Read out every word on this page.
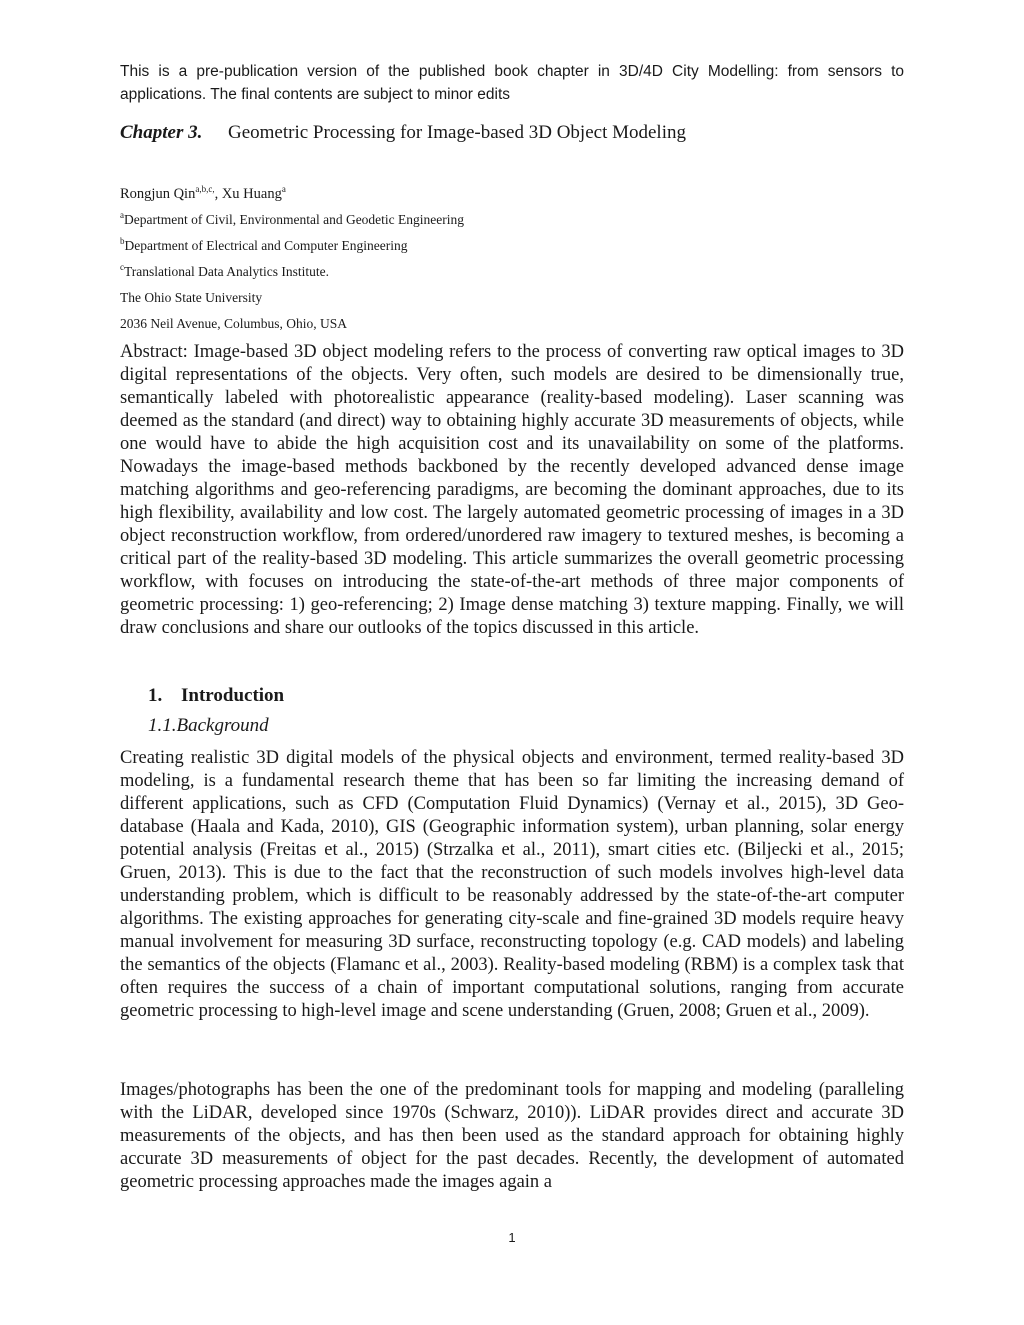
This is a pre-publication version of the published book chapter in 3D/4D City Modelling: from sensors to applications. The final contents are subject to minor edits
Chapter 3. Geometric Processing for Image-based 3D Object Modeling
Rongjun Qin$^{a,b,c,}$, Xu Huang$^a$
$^a$Department of Civil, Environmental and Geodetic Engineering
$^b$Department of Electrical and Computer Engineering
$^c$Translational Data Analytics Institute.
The Ohio State University
2036 Neil Avenue, Columbus, Ohio, USA

Abstract: Image-based 3D object modeling refers to the process of converting raw optical images to 3D digital representations of the objects. Very often, such models are desired to be dimensionally true, semantically labeled with photorealistic appearance (reality-based modeling). Laser scanning was deemed as the standard (and direct) way to obtaining highly accurate 3D measurements of objects, while one would have to abide the high acquisition cost and its unavailability on some of the platforms. Nowadays the image-based methods backboned by the recently developed advanced dense image matching algorithms and geo-referencing paradigms, are becoming the dominant approaches, due to its high flexibility, availability and low cost. The largely automated geometric processing of images in a 3D object reconstruction workflow, from ordered/unordered raw imagery to textured meshes, is becoming a critical part of the reality-based 3D modeling. This article summarizes the overall geometric processing workflow, with focuses on introducing the state-of-the-art methods of three major components of geometric processing: 1) geo-referencing; 2) Image dense matching 3) texture mapping. Finally, we will draw conclusions and share our outlooks of the topics discussed in this article.

1. Introduction
1.1.Background

Creating realistic 3D digital models of the physical objects and environment, termed reality-based 3D modeling, is a fundamental research theme that has been so far limiting the increasing demand of different applications, such as CFD (Computation Fluid Dynamics) (Vernay et al., 2015), 3D Geo-database (Haala and Kada, 2010), GIS (Geographic information system), urban planning, solar energy potential analysis (Freitas et al., 2015) (Strzalka et al., 2011), smart cities etc. (Biljecki et al., 2015; Gruen, 2013). This is due to the fact that the reconstruction of such models involves high-level data understanding problem, which is difficult to be reasonably addressed by the state-of-the-art computer algorithms. The existing approaches for generating city-scale and fine-grained 3D models require heavy manual involvement for measuring 3D surface, reconstructing topology (e.g. CAD models) and labeling the semantics of the objects (Flamanc et al., 2003). Reality-based modeling (RBM) is a complex task that often requires the success of a chain of important computational solutions, ranging from accurate geometric processing to high-level image and scene understanding (Gruen, 2008; Gruen et al., 2009).

Images/photographs has been the one of the predominant tools for mapping and modeling (paralleling with the LiDAR, developed since 1970s (Schwarz, 2010)). LiDAR provides direct and accurate 3D measurements of the objects, and has then been used as the standard approach for obtaining highly accurate 3D measurements of object for the past decades. Recently, the development of automated geometric processing approaches made the images again a

1
